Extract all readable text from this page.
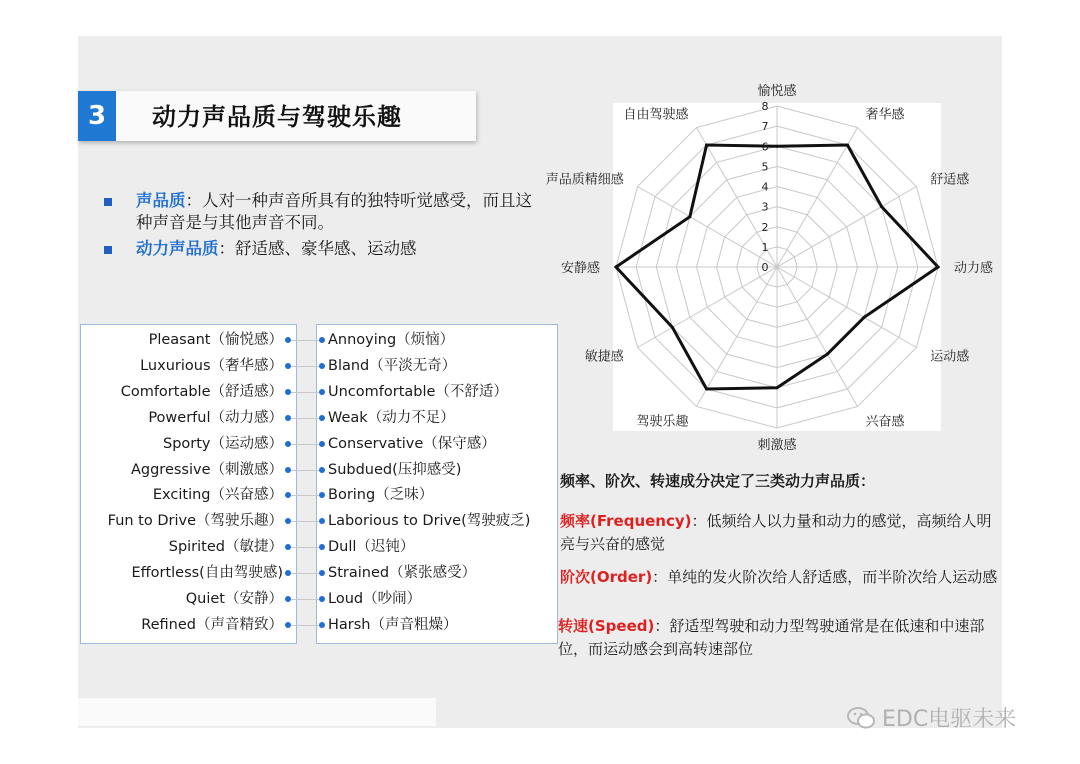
3	动力声品质与驾驶乐趣
声品质：人对一种声音所具有的独特听觉感受，而且这种声音是与其他声音不同。
动力声品质：舒适感、豪华感、运动感
Pleasant（愉悦感）	Annoying（烦恼）
Luxurious（奢华感）	Bland（平淡无奇）
Comfortable（舒适感）	Uncomfortable（不舒适）
Powerful（动力感）	Weak（动力不足）
Sporty（运动感）	Conservative（保守感）
Aggressive（刺激感）	Subdued(压抑感受)
Exciting（兴奋感）	Boring（乏味）
Fun to Drive（驾驶乐趣）	Laborious to Drive(驾驶疲乏)
Spirited（敏捷）	Dull（迟钝）
Effortless(自由驾驶感)	Strained（紧张感受）
Quiet（安静）	Loud（吵闹）
Refined（声音精致）	Harsh（声音粗燥）
0
1
2
3
4
5
6
7
8
愉悦感
奢华感
舒适感
动力感
运动感
兴奋感
刺激感
驾驶乐趣
敏捷感
安静感
声品质精细感
自由驾驶感
频率、阶次、转速成分决定了三类动力声品质：
频率(Frequency)：低频给人以力量和动力的感觉，高频给人明亮与兴奋的感觉
阶次(Order)：单纯的发火阶次给人舒适感，而半阶次给人运动感
转速(Speed)：舒适型驾驶和动力型驾驶通常是在低速和中速部位，而运动感会到高转速部位
EDC电驱未来
